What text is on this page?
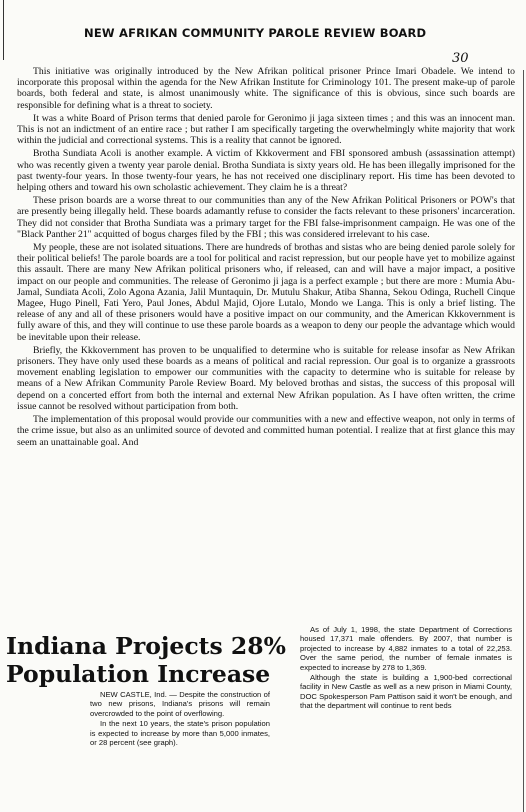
NEW AFRIKAN COMMUNITY PAROLE REVIEW BOARD
30

This initiative was originally introduced by the New Afrikan political prisoner Prince Imari Obadele. We intend to incorporate this proposal within the agenda for the New Afrikan Institute for Criminology 101. The present make-up of parole boards, both federal and state, is almost unanimously white. The significance of this is obvious, since such boards are responsible for defining what is a threat to society.

It was a white Board of Prison terms that denied parole for Geronimo ji jaga sixteen times ; and this was an innocent man. This is not an indictment of an entire race ; but rather I am specifically targeting the overwhelmingly white majority that work within the judicial and correctional systems. This is a reality that cannot be ignored.

Brotha Sundiata Acoli is another example. A victim of Kkkoverment and FBI sponsored ambush (assassination attempt) who was recently given a twenty year parole denial. Brotha Sundiata is sixty years old. He has been illegally imprisoned for the past twenty-four years. In those twenty-four years, he has not received one disciplinary report. His time has been devoted to helping others and toward his own scholastic achievement. They claim he is a threat?

These prison boards are a worse threat to our communities than any of the New Afrikan Political Prisoners or POW's that are presently being illegally held. These boards adamantly refuse to consider the facts relevant to these prisoners' incarceration. They did not consider that Brotha Sundiata was a primary target for the FBI false-imprisonment campaign. He was one of the "Black Panther 21" acquitted of bogus charges filed by the FBI ; this was considered irrelevant to his case.

My people, these are not isolated situations. There are hundreds of brothas and sistas who are being denied parole solely for their political beliefs! The parole boards are a tool for political and racist repression, but our people have yet to mobilize against this assault. There are many New Afrikan political prisoners who, if released, can and will have a major impact, a positive impact on our people and communities. The release of Geronimo ji jaga is a perfect example ; but there are more : Mumia Abu-Jamal, Sundiata Acoli, Zolo Agona Azania, Jalil Muntaquin, Dr. Mutulu Shakur, Atiba Shanna, Sekou Odinga, Ruchell Cinque Magee, Hugo Pinell, Fati Yero, Paul Jones, Abdul Majid, Ojore Lutalo, Mondo we Langa. This is only a brief listing. The release of any and all of these prisoners would have a positive impact on our community, and the American Kkkovernment is fully aware of this, and they will continue to use these parole boards as a weapon to deny our people the advantage which would be inevitable upon their release.

Briefly, the Kkkovernment has proven to be unqualified to determine who is suitable for release insofar as New Afrikan prisoners. They have only used these boards as a means of political and racial repression. Our goal is to organize a grassroots movement enabling legislation to empower our communities with the capacity to determine who is suitable for release by means of a New Afrikan Community Parole Review Board. My beloved brothas and sistas, the success of this proposal will depend on a concerted effort from both the internal and external New Afrikan population. As I have often written, the crime issue cannot be resolved without participation from both.

The implementation of this proposal would provide our communities with a new and effective weapon, not only in terms of the crime issue, but also as an unlimited source of devoted and committed human potential. I realize that at first glance this may seem an unattainable goal. And

Indiana Projects 28% Population Increase

NEW CASTLE, Ind. — Despite the construction of two new prisons, Indiana's prisons will remain overcrowded to the point of overflowing.

In the next 10 years, the state's prison population is expected to increase by more than 5,000 inmates, or 28 percent (see graph).

As of July 1, 1998, the state Department of Corrections housed 17,371 male offenders. By 2007, that number is projected to increase by 4,882 inmates to a total of 22,253. Over the same period, the number of female inmates is expected to increase by 278 to 1,369.

Although the state is building a 1,900-bed correctional facility in New Castle as well as a new prison in Miami County, DOC Spokesperson Pam Pattison said it won't be enough, and that the department will continue to rent beds
